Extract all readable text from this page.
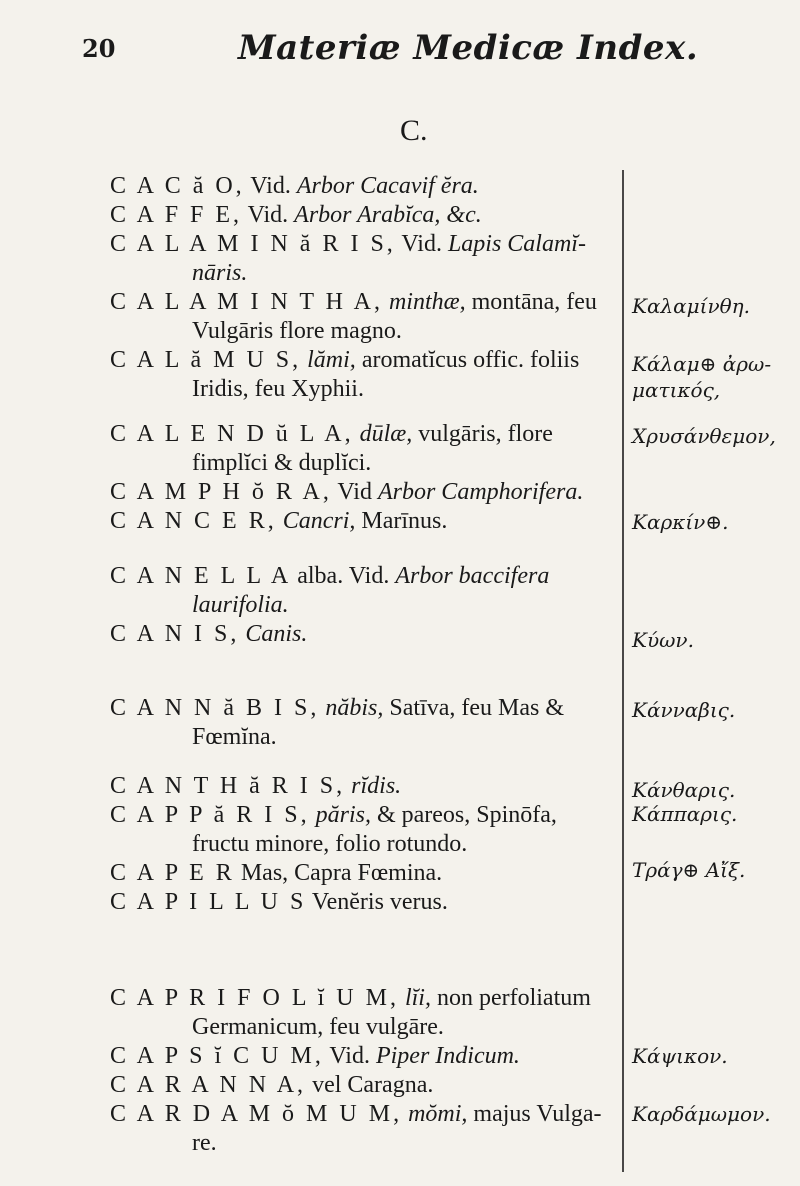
20	Materiæ Medicæ Index.
C.
C A C ă O, Vid. Arbor Cacavif ĕra.
C A F F E, Vid. Arbor Arabĭca, &c.
C A L A M I N ă R I S, Vid. Lapis Calamĭ-
nāris.
C A L A M I N T H A, minthæ, montāna, feu
Vulgāris flore magno.
C A L ă M U S, lămi, aromatĭcus offic. foliis
Iridis, feu Xyphii.
C A L E N D ŭ L A, dūlæ, vulgāris, flore
fimplĭci & duplĭci.
C A M P H ŏ R A, Vid Arbor Camphorifera.
C A N C E R, Cancri, Marīnus.
C A N E L L A alba. Vid. Arbor baccifera
laurifolia.
C A N I S, Canis.
C A N N ă B I S, năbis, Satīva, feu Mas &
Fœmĭna.
C A N T H ă R I S, rĭdis.
C A P P ă R I S, păris, & pareos, Spinōfa,
fructu minore, folio rotundo.
C A P E R Mas, Capra Fœmina.
C A P I L L U S Venĕris verus.
C A P R I F O L ĭ U M, lĭi, non perfoliatum
Germanicum, feu vulgāre.
C A P S ĭ C U M, Vid. Piper Indicum.
C A R A N N A, vel Caragna.
C A R D A M ŏ M U M, mŏmi, majus Vulga-
re.
Καλαμίνθη.
Κάλαμ⊕ ἀρω-
ματικός,
Χρυσάνθεμον,
Καρκίν⊕.
Κύων.
Κάνναβις.
Κάνθαρις.
Κάππαρις.
Τράγ⊕ Αἴξ.
Κάψικον.
Καρδάμωμον.
